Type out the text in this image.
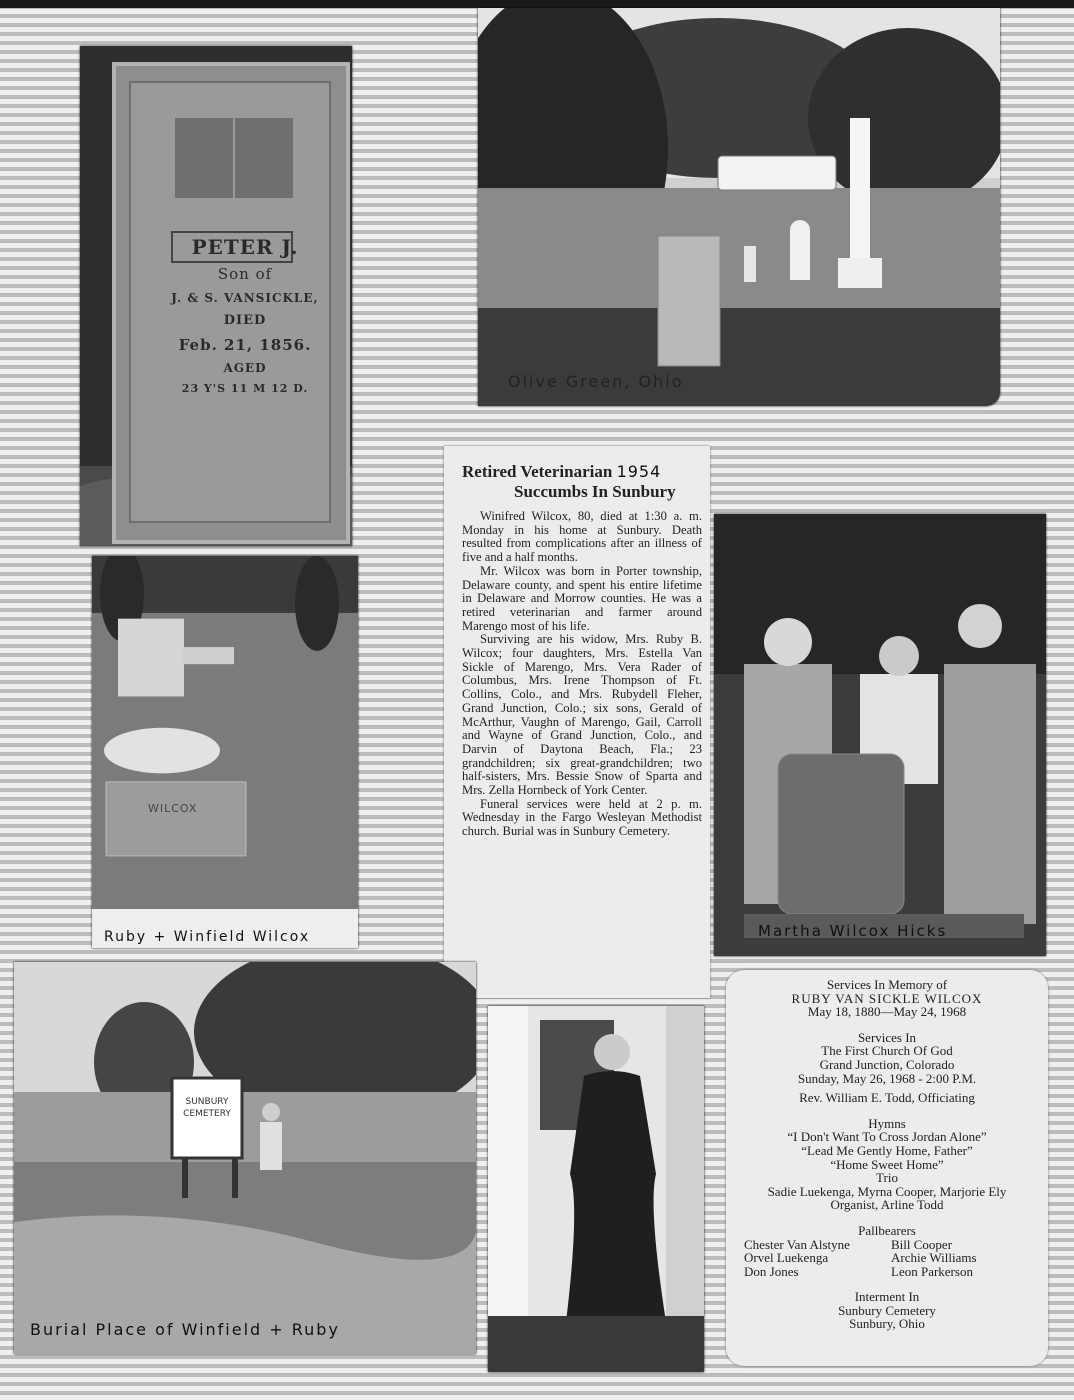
PETER J.
Son of
J. & S. VANSICKLE,
DIED
Feb. 21, 1856.
AGED
23 Y'S 11 M 12 D.	Olive Green, Ohio
WILCOX
Ruby + Winfield Wilcox
Retired Veterinarian 1954
Succumbs In Sunbury

Winifred Wilcox, 80, died at 1:30 a. m. Monday in his home at Sunbury. Death resulted from complications after an illness of five and a half months.

Mr. Wilcox was born in Porter township, Delaware county, and spent his entire lifetime in Delaware and Morrow counties. He was a retired veterinarian and farmer around Marengo most of his life.

Surviving are his widow, Mrs. Ruby B. Wilcox; four daughters, Mrs. Estella Van Sickle of Marengo, Mrs. Vera Rader of Columbus, Mrs. Irene Thompson of Ft. Collins, Colo., and Mrs. Rubydell Fleher, Grand Junction, Colo.; six sons, Gerald of McArthur, Vaughn of Marengo, Gail, Carroll and Wayne of Grand Junction, Colo., and Darvin of Daytona Beach, Fla.; 23 grandchildren; six great-grandchildren; two half-sisters, Mrs. Bessie Snow of Sparta and Mrs. Zella Hornbeck of York Center.

Funeral services were held at 2 p. m. Wednesday in the Fargo Wesleyan Methodist church. Burial was in Sunbury Cemetery.

Martha Wilcox Hicks
SUNBURY
CEMETERY
Burial Place of Winfield + Ruby
Services In Memory of
RUBY VAN SICKLE WILCOX
May 18, 1880—May 24, 1968
Services In
The First Church Of God
Grand Junction, Colorado
Sunday, May 26, 1968 - 2:00 P.M.
Rev. William E. Todd, Officiating
Hymns
“I Don't Want To Cross Jordan Alone”
“Lead Me Gently Home, Father”
“Home Sweet Home”
Trio
Sadie Luekenga, Myrna Cooper, Marjorie Ely
Organist, Arline Todd
Pallbearers
Chester Van Alstyne	Bill Cooper
Orvel Luekenga	Archie Williams
Don Jones	Leon Parkerson
Interment In
Sunbury Cemetery
Sunbury, Ohio
